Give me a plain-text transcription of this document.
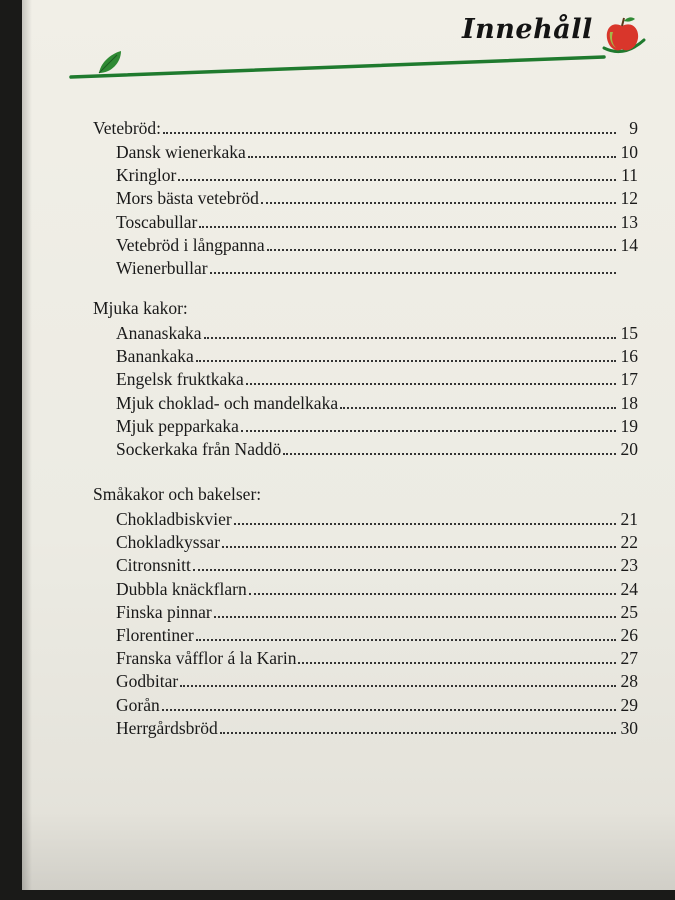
Innehåll
Vetebröd:	9
Dansk wienerkaka	10
Kringlor	11
Mors bästa vetebröd	12
Toscabullar	13
Vetebröd i långpanna	14
Wienerbullar
Mjuka kakor:
Ananaskaka	15
Banankaka	16
Engelsk fruktkaka	17
Mjuk choklad- och mandelkaka	18
Mjuk pepparkaka	19
Sockerkaka från Naddö	20
Småkakor och bakelser:
Chokladbiskvier	21
Chokladkyssar	22
Citronsnitt	23
Dubbla knäckflarn	24
Finska pinnar	25
Florentiner	26
Franska våfflor á la Karin	27
Godbitar	28
Gorån	29
Herrgårdsbröd	30
